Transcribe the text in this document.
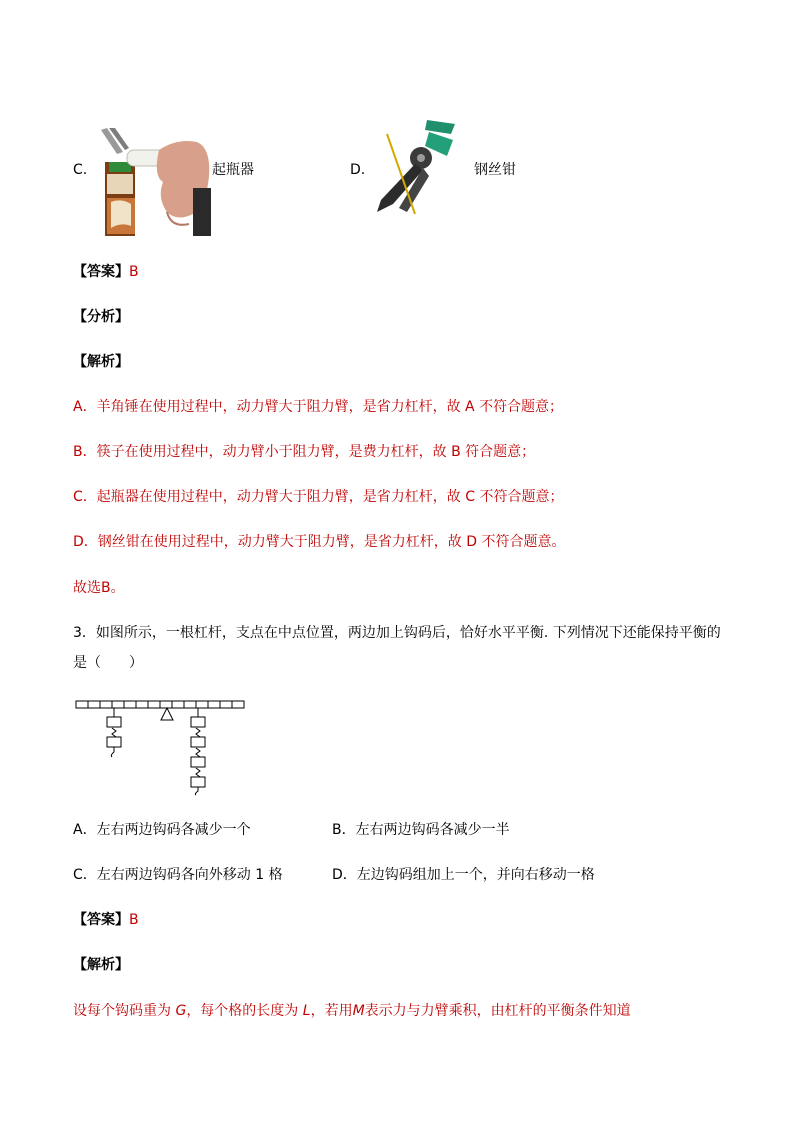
C.	起瓶器	D.	钢丝钳
【答案】B
【分析】
【解析】
A．羊角锤在使用过程中，动力臂大于阻力臂，是省力杠杆，故 A 不符合题意；
B．筷子在使用过程中，动力臂小于阻力臂，是费力杠杆，故 B 符合题意；
C．起瓶器在使用过程中，动力臂大于阻力臂，是省力杠杆，故 C 不符合题意；
D．钢丝钳在使用过程中，动力臂大于阻力臂，是省力杠杆，故 D 不符合题意。
故选B。
3．如图所示，一根杠杆，支点在中点位置，两边加上钩码后，恰好水平平衡. 下列情况下还能保持平衡的
是（　　）
A．左右两边钩码各减少一个	B．左右两边钩码各减少一半
C．左右两边钩码各向外移动 1 格	D．左边钩码组加上一个，并向右移动一格
【答案】B
【解析】
设每个钩码重为 G，每个格的长度为 L，若用M表示力与力臂乘积，由杠杆的平衡条件知道
